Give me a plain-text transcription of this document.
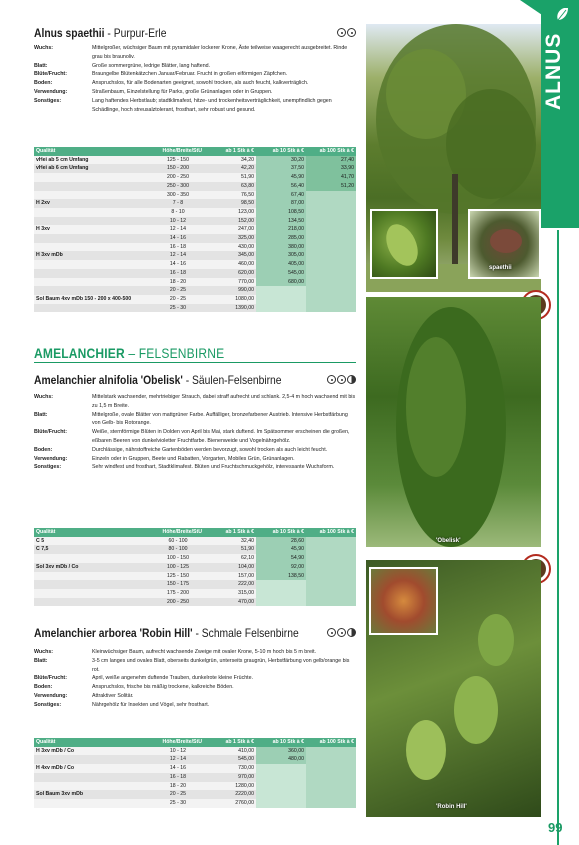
ALNUS
spaethii
'Obelisk'
'Robin Hill'
99
Alnus spaethii - Purpur-Erle
Wuchs:	Mittelgroßer, wüchsiger Baum mit pyramidaler lockerer Krone, Äste teilweise waagerecht ausgebreitet. Rinde grau bis braunoliv.
Blatt:	Große sommergrüne, ledrige Blätter, lang haftend.
Blüte/Frucht:	Braungelbe Blütenkätzchen Januar/Februar. Frucht in großen eiförmigen Zäpfchen.
Boden:	Anspruchslos, für alle Bodenarten geeignet, sowohl trocken, als auch feucht, kalkverträglich.
Verwendung:	Straßenbaum, Einzelstellung für Parks, große Grünanlagen oder in Gruppen.
Sonstiges:	Lang haftendes Herbstlaub; stadtklimafest, hitze- und trockenheitsverträglichkeit, unempfindlich gegen Schädlinge, hoch streusalztolerant, frosthart, sehr robust und gesund.
Qualität	Höhe/Breite/StU	ab 1 Stk à €	ab 10 Stk à €	ab 100 Stk à €
vHei ab 5 cm Umfang	125 - 150	34,20	30,20	27,40
vHei ab 6 cm Umfang	150 - 200	42,20	37,50	33,90
	200 - 250	51,90	45,90	41,70
	250 - 300	63,80	56,40	51,20
	300 - 350	76,50	67,40	
H 2xv	7 - 8	98,50	87,00	
	8 - 10	123,00	108,50	
	10 - 12	152,00	134,50	
H 3xv	12 - 14	247,00	218,00	
	14 - 16	325,00	285,00	
	16 - 18	430,00	380,00	
H 3xv mDb	12 - 14	345,00	305,00	
	14 - 16	460,00	405,00	
	16 - 18	620,00	545,00	
	18 - 20	770,00	680,00	
	20 - 25	990,00		
Sol Baum 4xv mDb 150 - 200 x 400-500	20 - 25	1080,00		
	25 - 30	1390,00		
Amelanchier alnifolia 'Obelisk' - Säulen-Felsenbirne
Wuchs:	Mittelstark wachsender, mehrtriebiger Strauch, dabei straff aufrecht und schlank. 2,5-4 m hoch wachsend mit bis zu 1,5 m Breite.
Blatt:	Mittelgroße, ovale Blätter von mattgrüner Farbe. Auffälliger, bronzefarbener Austrieb. Intensive Herbstfärbung von Gelb- bis Rotorange.
Blüte/Frucht:	Weiße, sternförmige Blüten in Dolden von April bis Mai, stark duftend. Im Spätsommer erscheinen die großen, eßbaren Beeren von dunkelvioletter Fruchtfarbe. Bienenweide und Vogelnährgehölz.
Boden:	Durchlässige, nährstoffreiche Gartenböden werden bevorzugt, sowohl trocken als auch leicht feucht.
Verwendung:	Einzeln oder in Gruppen, Beete und Rabatten, Vorgarten, Mobiles Grün, Grünanlagen.
Sonstiges:	Sehr windfest und frosthart, Stadtklimafest. Blüten und Fruchtschmuckgehölz, interessante Wuchsform.
Qualität	Höhe/Breite/StU	ab 1 Stk à €	ab 10 Stk à €	ab 100 Stk à €
C 5	60 - 100	32,40	28,60	
C 7,5	80 - 100	51,90	45,90	
	100 - 150	62,10	54,90	
Sol 3xv mDb / Co	100 - 125	104,00	92,00	
	125 - 150	157,00	138,50	
	150 - 175	222,00		
	175 - 200	315,00		
	200 - 250	470,00		
Amelanchier arborea 'Robin Hill' - Schmale Felsenbirne
Wuchs:	Kleinwüchsiger Baum, aufrecht wachsende Zweige mit ovaler Krone, 5-10 m hoch bis 5 m breit.
Blatt:	3-5 cm langes und ovales Blatt, oberseits dunkelgrün, unterseits graugrün, Herbstfärbung von gelb/orange bis rot.
Blüte/Frucht:	April, weiße angenehm duftende Trauben, dunkelrote kleine Früchte.
Boden:	Anspruchslos, frische bis mäßig trockene, kalkreiche Böden.
Verwendung:	Attraktiver Solitär.
Sonstiges:	Nährgehölz für Insekten und Vögel, sehr frosthart.
Qualität	Höhe/Breite/StU	ab 1 Stk à €	ab 10 Stk à €	ab 100 Stk à €
H 3xv mDb / Co	10 - 12	410,00	360,00	
	12 - 14	545,00	480,00	
H 4xv mDb / Co	14 - 16	730,00		
	16 - 18	970,00		
	18 - 20	1280,00		
Sol Baum 3xv mDb	20 - 25	2220,00		
	25 - 30	2760,00		
AMELANCHIER – FELSENBIRNE
